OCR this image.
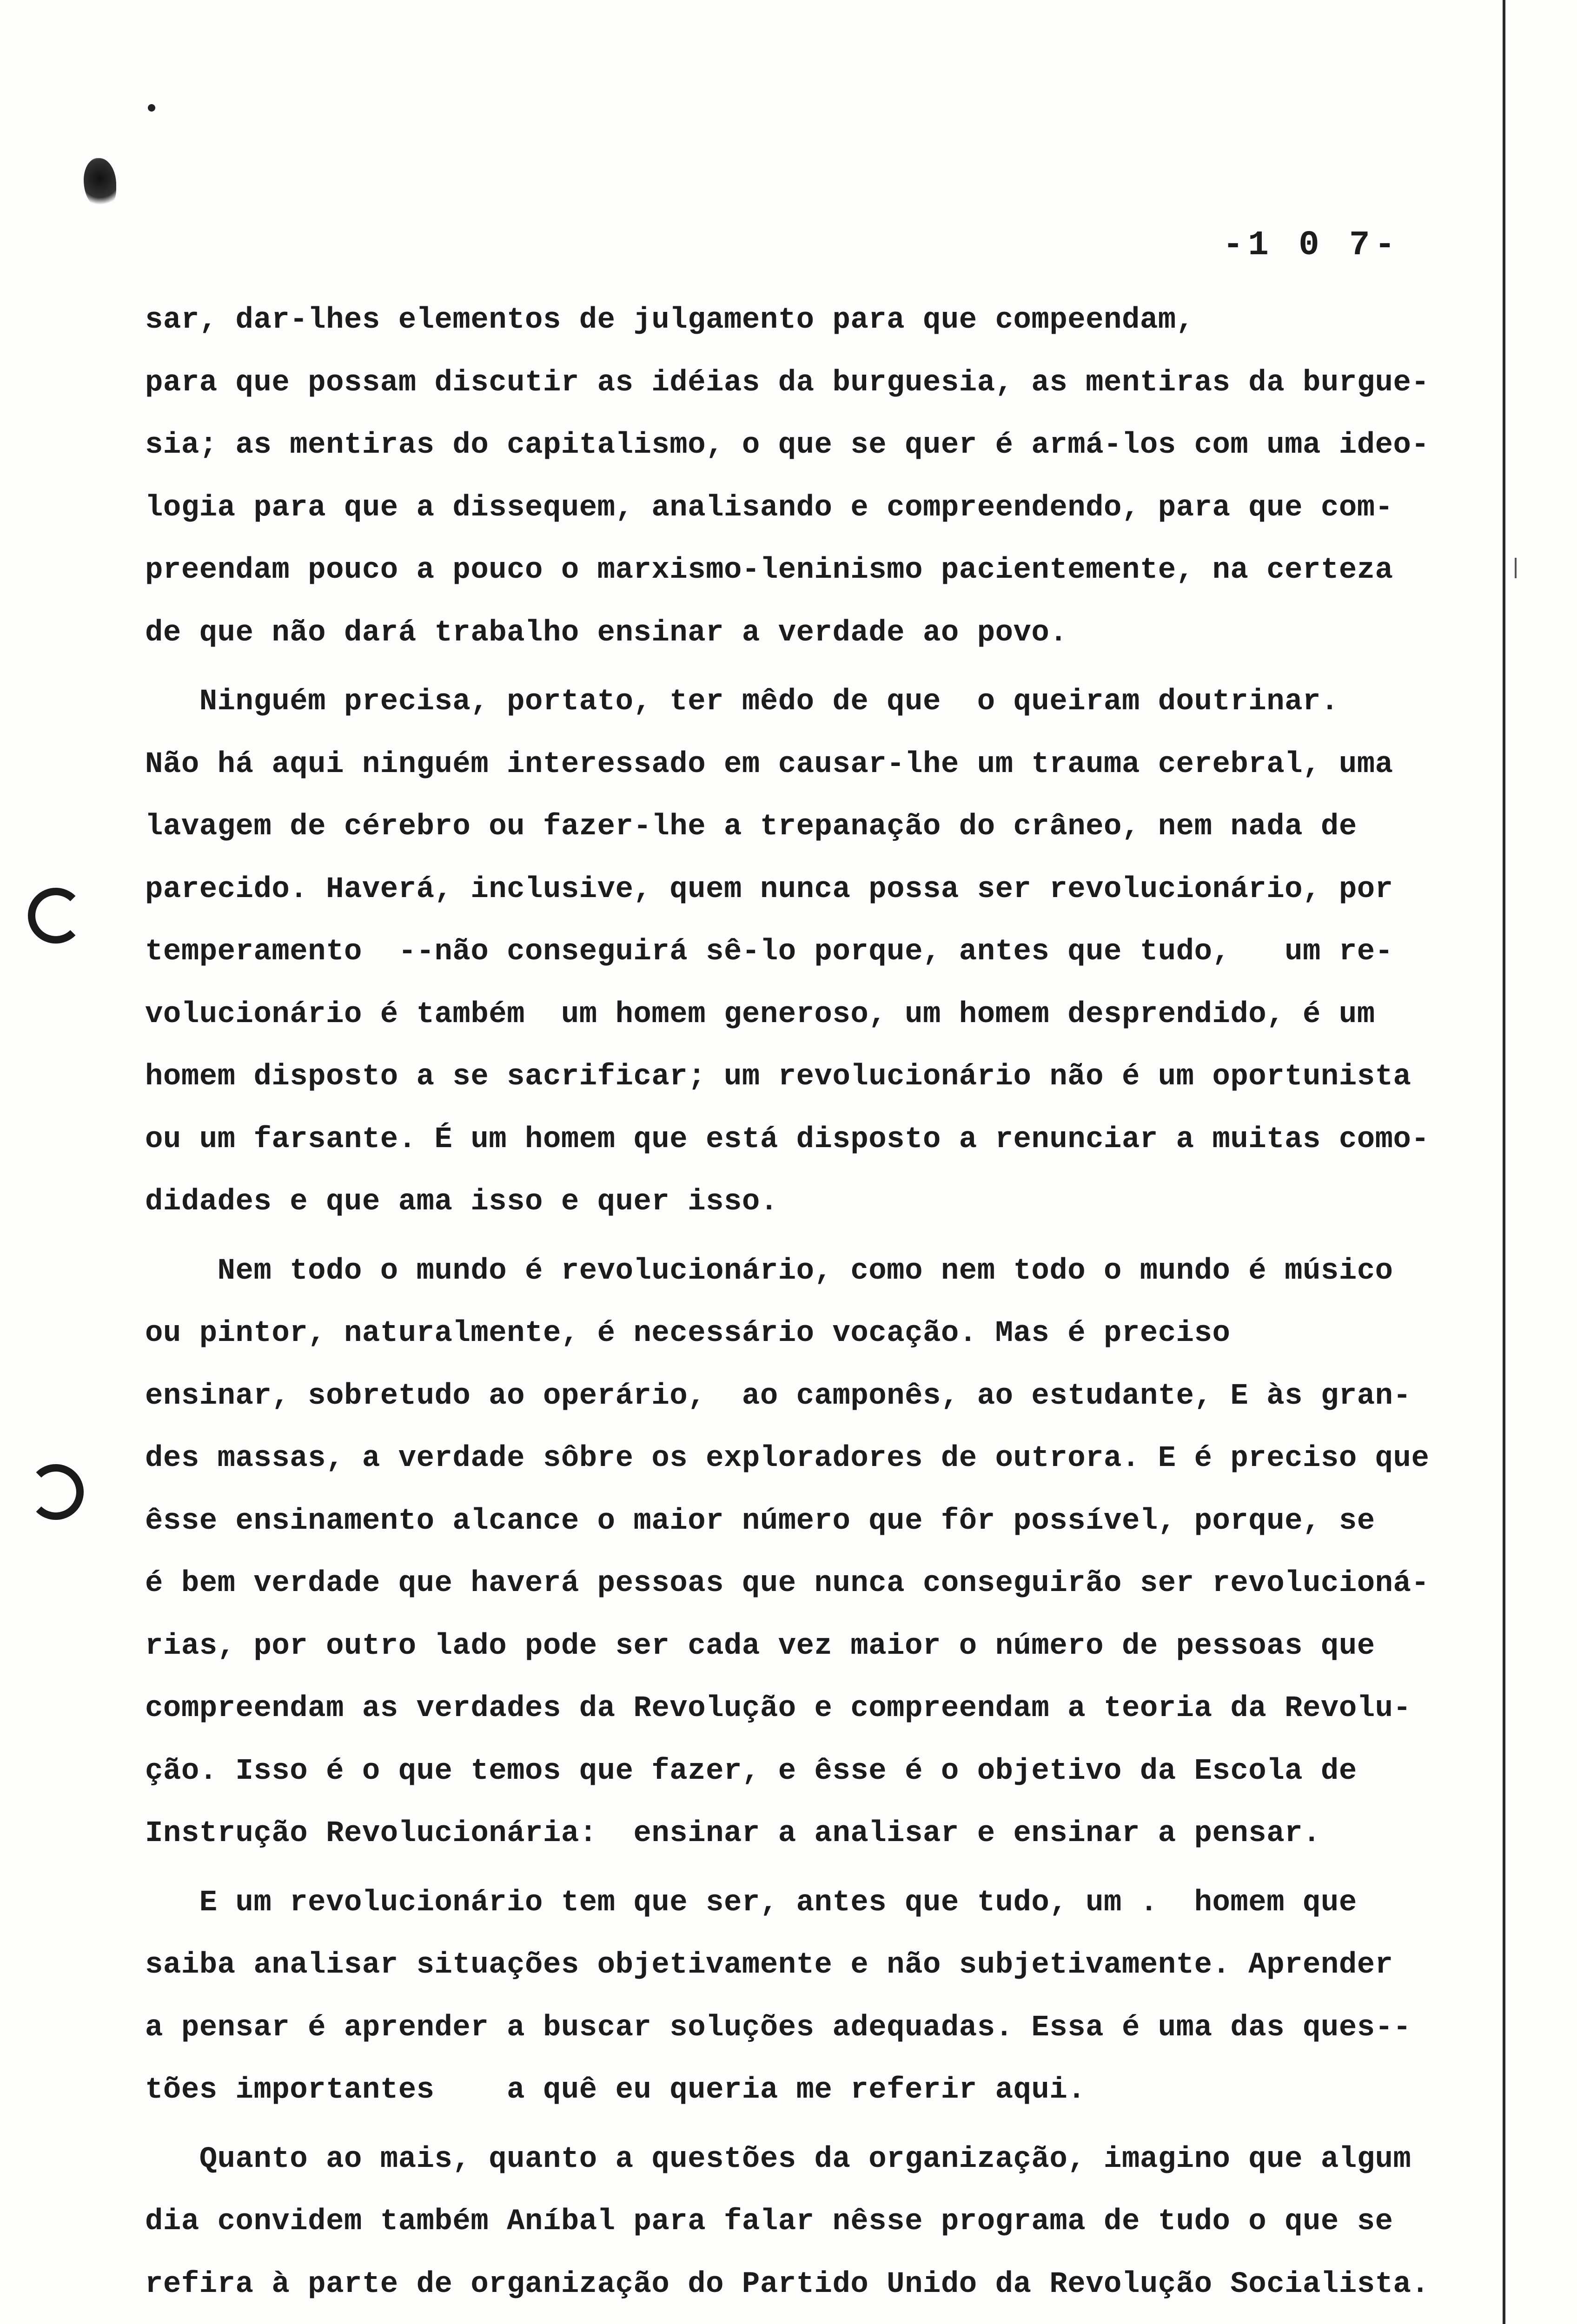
-1 0 7-
sar, dar-lhes elementos de julgamento para que compeendam,
para que possam discutir as idéias da burguesia, as mentiras da burgue-
sia; as mentiras do capitalismo, o que se quer é armá-los com uma ideo-
logia para que a dissequem, analisando e compreendendo, para que com-
preendam pouco a pouco o marxismo-leninismo pacientemente, na certeza
de que não dará trabalho ensinar a verdade ao povo.
Ninguém precisa, portato, ter mêdo de que  o queiram doutrinar.
Não há aqui ninguém interessado em causar-lhe um trauma cerebral, uma
lavagem de cérebro ou fazer-lhe a trepanação do crâneo, nem nada de
parecido. Haverá, inclusive, quem nunca possa ser revolucionário, por
temperamento  --não conseguirá sê-lo porque, antes que tudo,   um re-
volucionário é também  um homem generoso, um homem desprendido, é um
homem disposto a se sacrificar; um revolucionário não é um oportunista
ou um farsante. É um homem que está disposto a renunciar a muitas como-
didades e que ama isso e quer isso.
Nem todo o mundo é revolucionário, como nem todo o mundo é músico
ou pintor, naturalmente, é necessário vocação. Mas é preciso
ensinar, sobretudo ao operário,  ao camponês, ao estudante, E às gran-
des massas, a verdade sôbre os exploradores de outrora. E é preciso que
êsse ensinamento alcance o maior número que fôr possível, porque, se
é bem verdade que haverá pessoas que nunca conseguirão ser revolucioná-
rias, por outro lado pode ser cada vez maior o número de pessoas que
compreendam as verdades da Revolução e compreendam a teoria da Revolu-
ção. Isso é o que temos que fazer, e êsse é o objetivo da Escola de
Instrução Revolucionária:  ensinar a analisar e ensinar a pensar.
E um revolucionário tem que ser, antes que tudo, um .  homem que
saiba analisar situações objetivamente e não subjetivamente. Aprender
a pensar é aprender a buscar soluções adequadas. Essa é uma das ques--
tões importantes    a quê eu queria me referir aqui.
Quanto ao mais, quanto a questões da organização, imagino que algum
dia convidem também Aníbal para falar nêsse programa de tudo o que se
refira à parte de organização do Partido Unido da Revolução Socialista.
